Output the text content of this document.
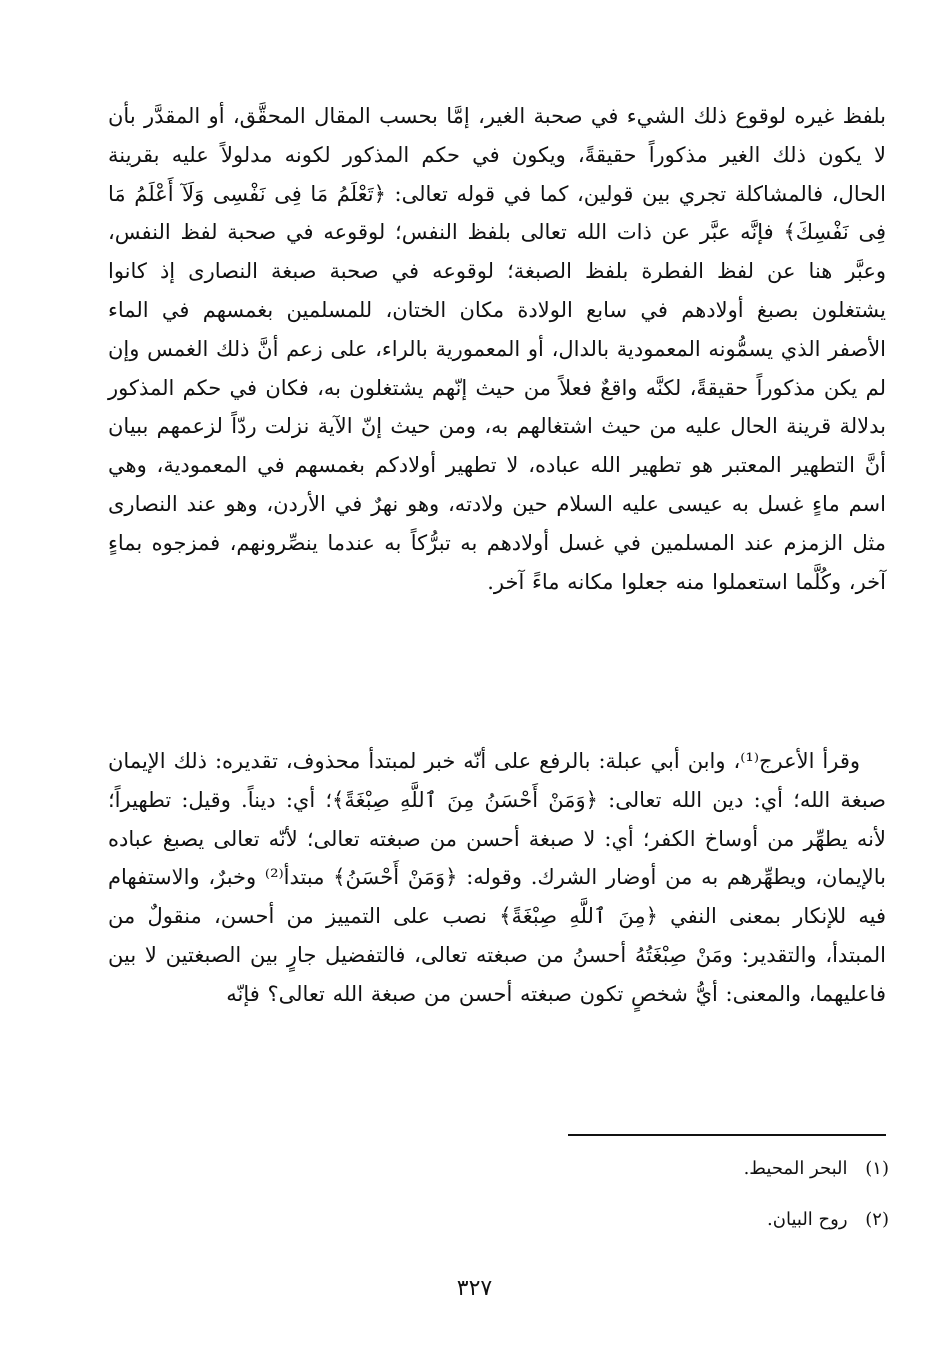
بلفظ غيره لوقوع ذلك الشيء في صحبة الغير، إمَّا بحسب المقال المحقَّق، أو المقدَّر بأن لا يكون ذلك الغير مذكوراً حقيقةً، ويكون في حكم المذكور لكونه مدلولاً عليه بقرينة الحال، فالمشاكلة تجري بين قولين، كما في قوله تعالى: ﴿تَعْلَمُ مَا فِى نَفْسِى وَلَآ أَعْلَمُ مَا فِى نَفْسِكَ﴾ فإنَّه عبَّر عن ذات الله تعالى بلفظ النفس؛ لوقوعه في صحبة لفظ النفس، وعبَّر هنا عن لفظ الفطرة بلفظ الصبغة؛ لوقوعه في صحبة صبغة النصارى إذ كانوا يشتغلون بصبغ أولادهم في سابع الولادة مكان الختان، للمسلمين بغمسهم في الماء الأصفر الذي يسمُّونه المعمودية بالدال، أو المعمورية بالراء، على زعم أنَّ ذلك الغمس وإن لم يكن مذكوراً حقيقةً، لكنَّه واقعٌ فعلاً من حيث إنّهم يشتغلون به، فكان في حكم المذكور بدلالة قرينة الحال عليه من حيث اشتغالهم به، ومن حيث إنّ الآية نزلت ردّاً لزعمهم ببيان أنَّ التطهير المعتبر هو تطهير الله عباده، لا تطهير أولادكم بغمسهم في المعمودية، وهي اسم ماءٍ غسل به عيسى عليه السلام حين ولادته، وهو نهرٌ في الأردن، وهو عند النصارى مثل الزمزم عند المسلمين في غسل أولادهم به تبرُّكاً به عندما ينصِّرونهم، فمزجوه بماءٍ آخر، وكُلَّما استعملوا منه جعلوا مكانه ماءً آخر.

وقرأ الأعرج⁽¹⁾، وابن أبي عبلة: بالرفع على أنّه خبر لمبتدأ محذوف، تقديره: ذلك الإيمان صبغة الله؛ أي: دين الله تعالى: ﴿وَمَنْ أَحْسَنُ مِنَ ٱللَّهِ صِبْغَةً﴾؛ أي: ديناً. وقيل: تطهيراً؛ لأنه يطهِّر من أوساخ الكفر؛ أي: لا صبغة أحسن من صبغته تعالى؛ لأنّه تعالى يصبغ عباده بالإيمان، ويطهِّرهم به من أوضار الشرك. وقوله: ﴿وَمَنْ أَحْسَنُ﴾ مبتدأ⁽²⁾ وخبرٌ، والاستفهام فيه للإنكار بمعنى النفي ﴿مِنَ ٱللَّهِ صِبْغَةً﴾ نصب على التمييز من أحسن، منقولٌ من المبتدأ، والتقدير: ومَنْ صِبْغَتُهُ أحسنُ من صبغته تعالى، فالتفضيل جارٍ بين الصبغتين لا بين فاعليهما، والمعنى: أيُّ شخصٍ تكون صبغته أحسن من صبغة الله تعالى؟ فإنّه

(١) البحر المحيط.
(٢) روح البيان.
٣٢٧
